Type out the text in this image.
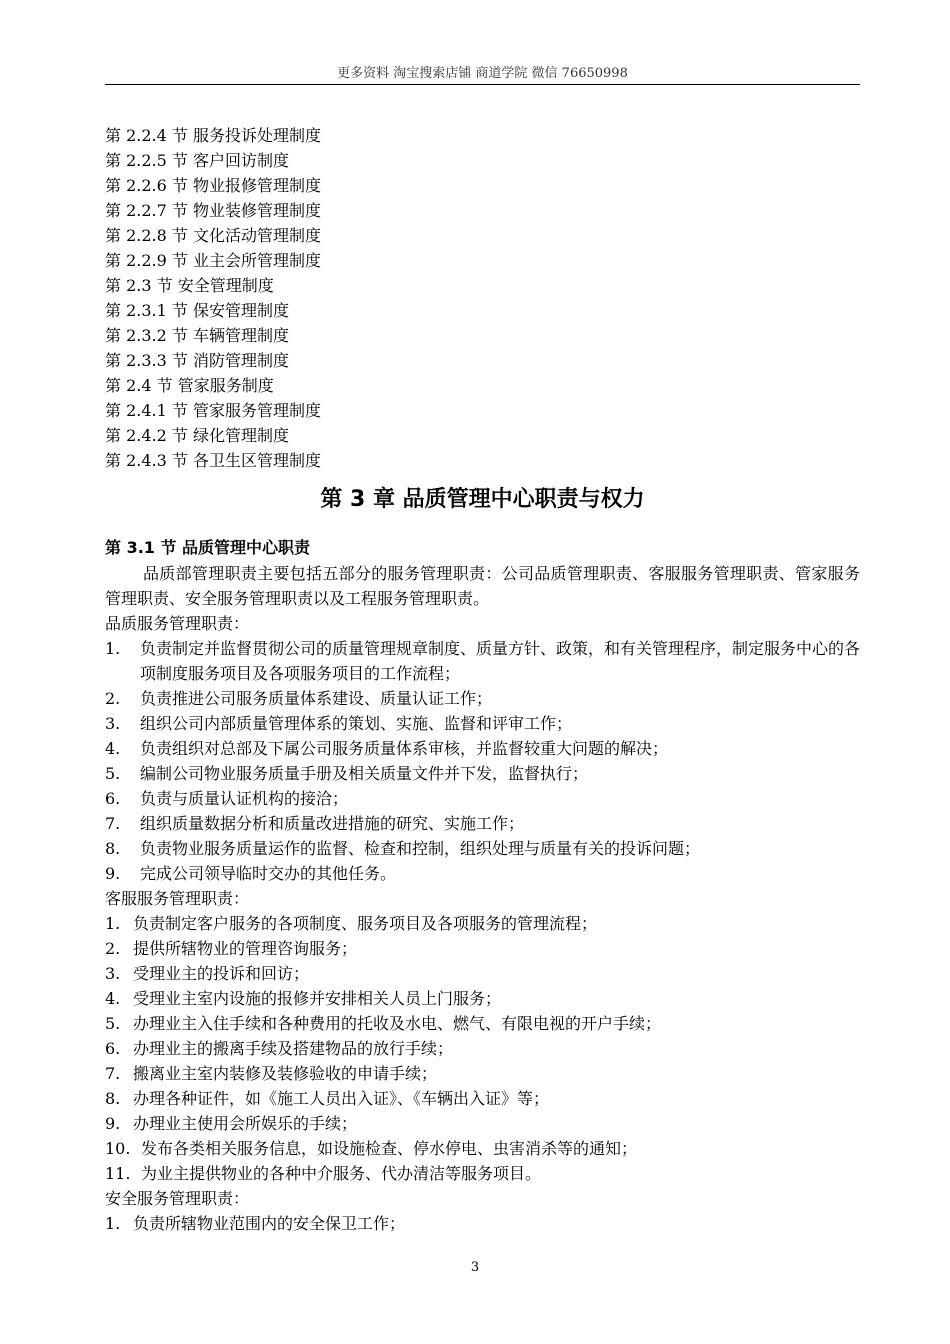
更多资料 淘宝搜索店铺 商道学院 微信 76650998
第 2.2.4 节 服务投诉处理制度
第 2.2.5 节 客户回访制度
第 2.2.6 节 物业报修管理制度
第 2.2.7 节 物业装修管理制度
第 2.2.8 节 文化活动管理制度
第 2.2.9 节 业主会所管理制度
第 2.3 节 安全管理制度
第 2.3.1 节 保安管理制度
第 2.3.2 节 车辆管理制度
第 2.3.3 节 消防管理制度
第 2.4 节 管家服务制度
第 2.4.1 节 管家服务管理制度
第 2.4.2 节 绿化管理制度
第 2.4.3 节 各卫生区管理制度
第 3 章 品质管理中心职责与权力
第 3.1 节 品质管理中心职责
品质部管理职责主要包括五部分的服务管理职责：公司品质管理职责、客服服务管理职责、管家服务管理职责、安全服务管理职责以及工程服务管理职责。
品质服务管理职责：
1. 负责制定并监督贯彻公司的质量管理规章制度、质量方针、政策，和有关管理程序，制定服务中心的各项制度服务项目及各项服务项目的工作流程；
2. 负责推进公司服务质量体系建设、质量认证工作；
3. 组织公司内部质量管理体系的策划、实施、监督和评审工作；
4. 负责组织对总部及下属公司服务质量体系审核，并监督较重大问题的解决；
5. 编制公司物业服务质量手册及相关质量文件并下发，监督执行；
6. 负责与质量认证机构的接洽；
7. 组织质量数据分析和质量改进措施的研究、实施工作；
8. 负责物业服务质量运作的监督、检查和控制，组织处理与质量有关的投诉问题；
9. 完成公司领导临时交办的其他任务。
客服服务管理职责：
1. 负责制定客户服务的各项制度、服务项目及各项服务的管理流程；
2. 提供所辖物业的管理咨询服务；
3. 受理业主的投诉和回访；
4. 受理业主室内设施的报修并安排相关人员上门服务；
5. 办理业主入住手续和各种费用的托收及水电、燃气、有限电视的开户手续；
6. 办理业主的搬离手续及搭建物品的放行手续；
7. 搬离业主室内装修及装修验收的申请手续；
8. 办理各种证件，如《施工人员出入证》、《车辆出入证》等；
9. 办理业主使用会所娱乐的手续；
10. 发布各类相关服务信息，如设施检查、停水停电、虫害消杀等的通知；
11. 为业主提供物业的各种中介服务、代办清洁等服务项目。
安全服务管理职责：
1. 负责所辖物业范围内的安全保卫工作；
3
